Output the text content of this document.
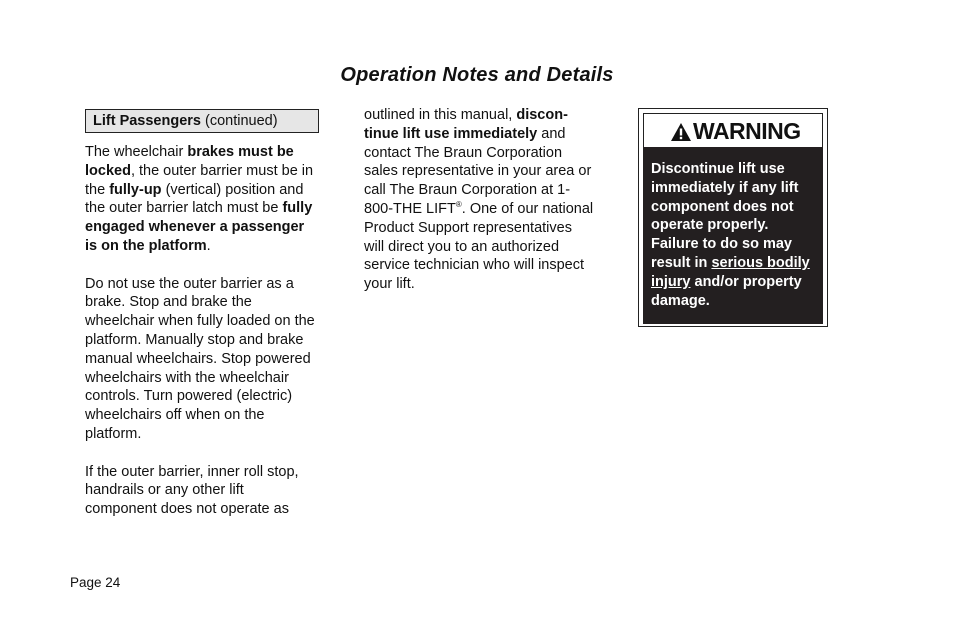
Operation Notes and Details
Lift Passengers (continued)

The wheelchair brakes must be locked, the outer barrier must be in the fully-up (vertical) position and the outer barrier latch must be fully engaged whenever a passenger is on the platform.

Do not use the outer barrier as a brake. Stop and brake the wheelchair when fully loaded on the platform. Manually stop and brake manual wheelchairs. Stop powered wheelchairs with the wheelchair controls. Turn powered (electric) wheelchairs off when on the platform.

If the outer barrier, inner roll stop, handrails or any other lift component does not operate as

outlined in this manual, discontinue lift use immediately and contact The Braun Corporation sales representative in your area or call The Braun Corporation at 1-800-THE LIFT®. One of our national Product Support representatives will direct you to an authorized service technician who will inspect your lift.

WARNING
Discontinue lift use immediately if any lift component does not operate properly. Failure to do so may result in serious bodily injury and/or property damage.
Page 24
